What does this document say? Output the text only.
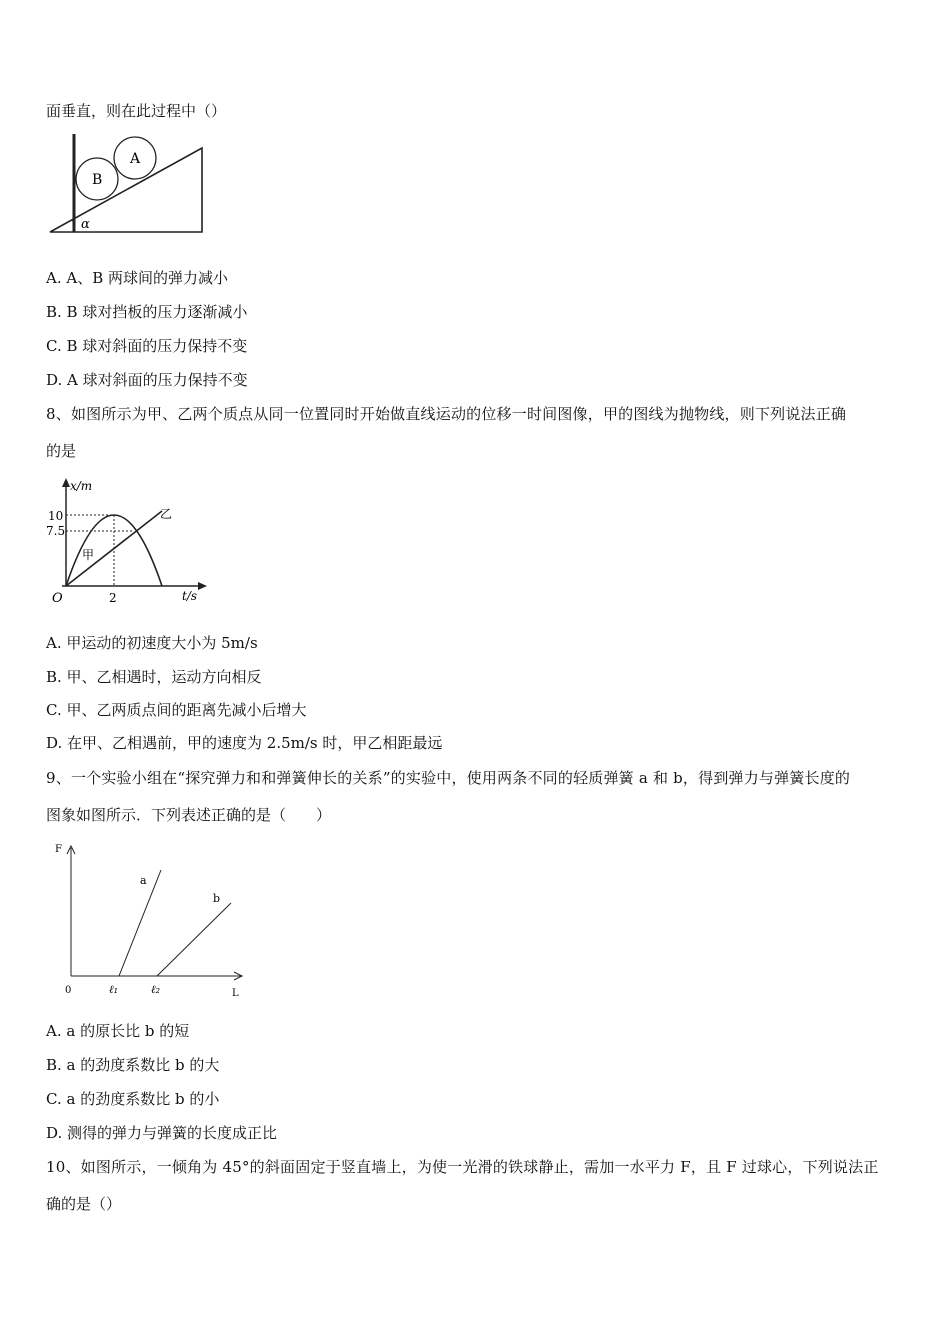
面垂直，则在此过程中（）
B
A
α
A. A、B 两球间的弹力减小
B. B 球对挡板的压力逐渐减小
C. B 球对斜面的压力保持不变
D. A 球对斜面的压力保持不变
8、如图所示为甲、乙两个质点从同一位置同时开始做直线运动的位移一时间图像，甲的图线为抛物线，则下列说法正确
的是
x/m
t/s
O
10
7.5
2
甲
乙
A. 甲运动的初速度大小为 5m/s
B. 甲、乙相遇时，运动方向相反
C. 甲、乙两质点间的距离先减小后增大
D. 在甲、乙相遇前，甲的速度为 2.5m/s 时，甲乙相距最远
9、一个实验小组在“探究弹力和和弹簧伸长的关系”的实验中，使用两条不同的轻质弹簧 a 和 b，得到弹力与弹簧长度的
图象如图所示．下列表述正确的是（　　）
F
L
0	ℓ₁	ℓ₂
a
b
A. a 的原长比 b 的短
B. a 的劲度系数比 b 的大
C. a 的劲度系数比 b 的小
D. 测得的弹力与弹簧的长度成正比
10、如图所示，一倾角为 45°的斜面固定于竖直墙上，为使一光滑的铁球静止，需加一水平力 F，且 F 过球心，下列说法正
确的是（）
